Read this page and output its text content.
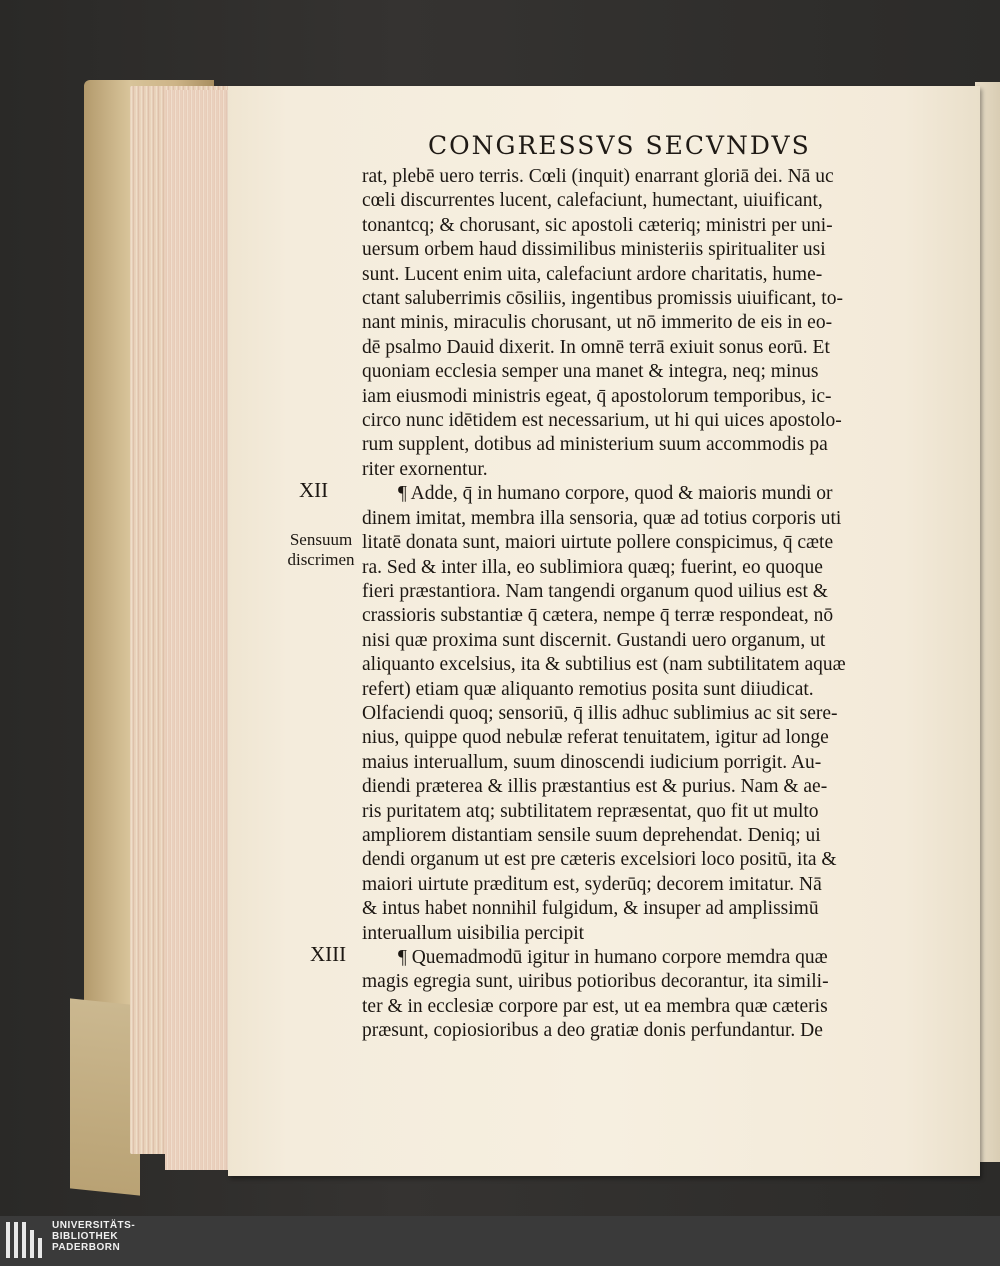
CONGRESSVS SECVNDVS
XII
XIII
Sensuum
discrimen
rat, plebē uero terris. Cœli (inquit) enarrant gloriā dei. Nā uc
cœli discurrentes lucent, calefaciunt, humectant, uiuificant,
tonantcq; & chorusant, sic apostoli cæteriq; ministri per uni-
uersum orbem haud dissimilibus ministeriis spiritualiter usi
sunt. Lucent enim uita, calefaciunt ardore charitatis, hume-
ctant saluberrimis cōsiliis, ingentibus promissis uiuificant, to-
nant minis, miraculis chorusant, ut nō immerito de eis in eo-
dē psalmo Dauid dixerit. In omnē terrā exiuit sonus eorū. Et
quoniam ecclesia semper una manet & integra, neq; minus
iam eiusmodi ministris egeat, q̄ apostolorum temporibus, ic-
circo nunc idētidem est necessarium, ut hi qui uices apostolo-
rum supplent, dotibus ad ministerium suum accommodis pa
riter exornentur.
¶ Adde, q̄ in humano corpore, quod & maioris mundi or
dinem imitat, membra illa sensoria, quæ ad totius corporis uti
litatē donata sunt, maiori uirtute pollere conspicimus, q̄ cæte
ra. Sed & inter illa, eo sublimiora quæq; fuerint, eo quoque
fieri præstantiora. Nam tangendi organum quod uilius est &
crassioris substantiæ q̄ cætera, nempe q̄ terræ respondeat, nō
nisi quæ proxima sunt discernit. Gustandi uero organum, ut
aliquanto excelsius, ita & subtilius est (nam subtilitatem aquæ
refert) etiam quæ aliquanto remotius posita sunt diiudicat.
Olfaciendi quoq; sensoriū, q̄ illis adhuc sublimius ac sit sere-
nius, quippe quod nebulæ referat tenuitatem, igitur ad longe
maius interuallum, suum dinoscendi iudicium porrigit. Au-
diendi præterea & illis præstantius est & purius. Nam & ae-
ris puritatem atq; subtilitatem repræsentat, quo fit ut multo
ampliorem distantiam sensile suum deprehendat. Deniq; ui
dendi organum ut est pre cæteris excelsiori loco positū, ita &
maiori uirtute præditum est, syderūq; decorem imitatur. Nā
& intus habet nonnihil fulgidum, & insuper ad amplissimū
interuallum uisibilia percipit
¶ Quemadmodū igitur in humano corpore memdra quæ
magis egregia sunt, uiribus potioribus decorantur, ita simili-
ter & in ecclesiæ corpore par est, ut ea membra quæ cæteris
præsunt, copiosioribus a deo gratiæ donis perfundantur. De
UNIVERSITÄTS-
BIBLIOTHEK
PADERBORN
